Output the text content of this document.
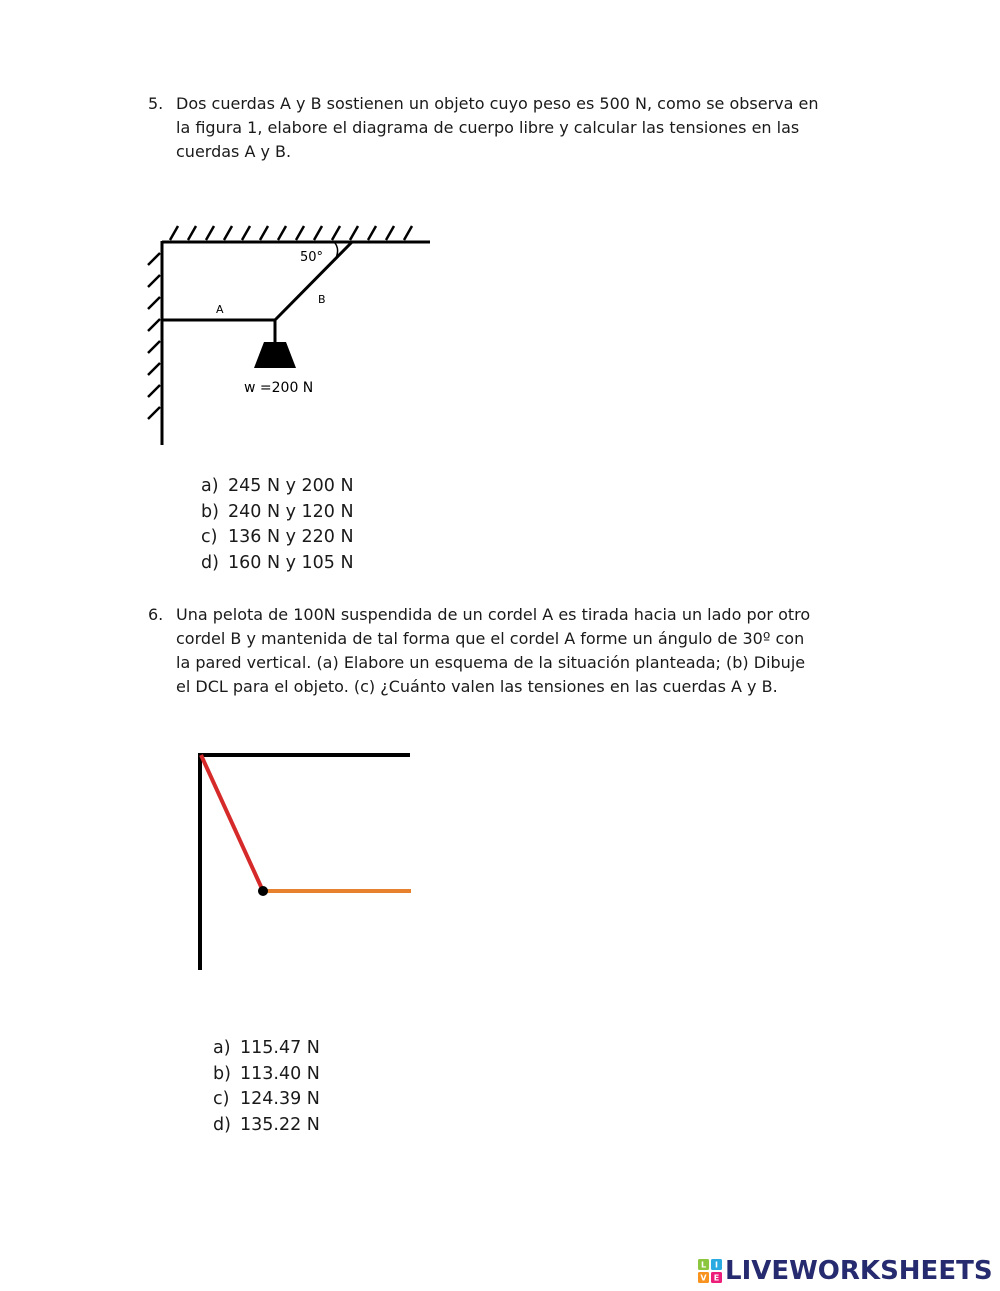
5. Dos cuerdas A y B sostienen un objeto cuyo peso es 500 N, como se observa en
la figura 1, elabore el diagrama de cuerpo libre y calcular las tensiones en las
cuerdas A y B.
50°
A
B
w =200 N
a) 245 N y 200 N
b) 240 N y 120 N
c) 136 N y 220 N
d) 160 N y 105 N
6. Una pelota de 100N suspendida de un cordel A es tirada hacia un lado por otro
cordel B y mantenida de tal forma que el cordel A forme un ángulo de 30º con
la pared vertical. (a) Elabore un esquema de la situación planteada; (b) Dibuje
el DCL para el objeto. (c) ¿Cuánto valen las tensiones en las cuerdas A y B.
a) 115.47 N
b) 113.40 N
c) 124.39 N
d) 135.22 N
L I
V E LIVEWORKSHEETS
